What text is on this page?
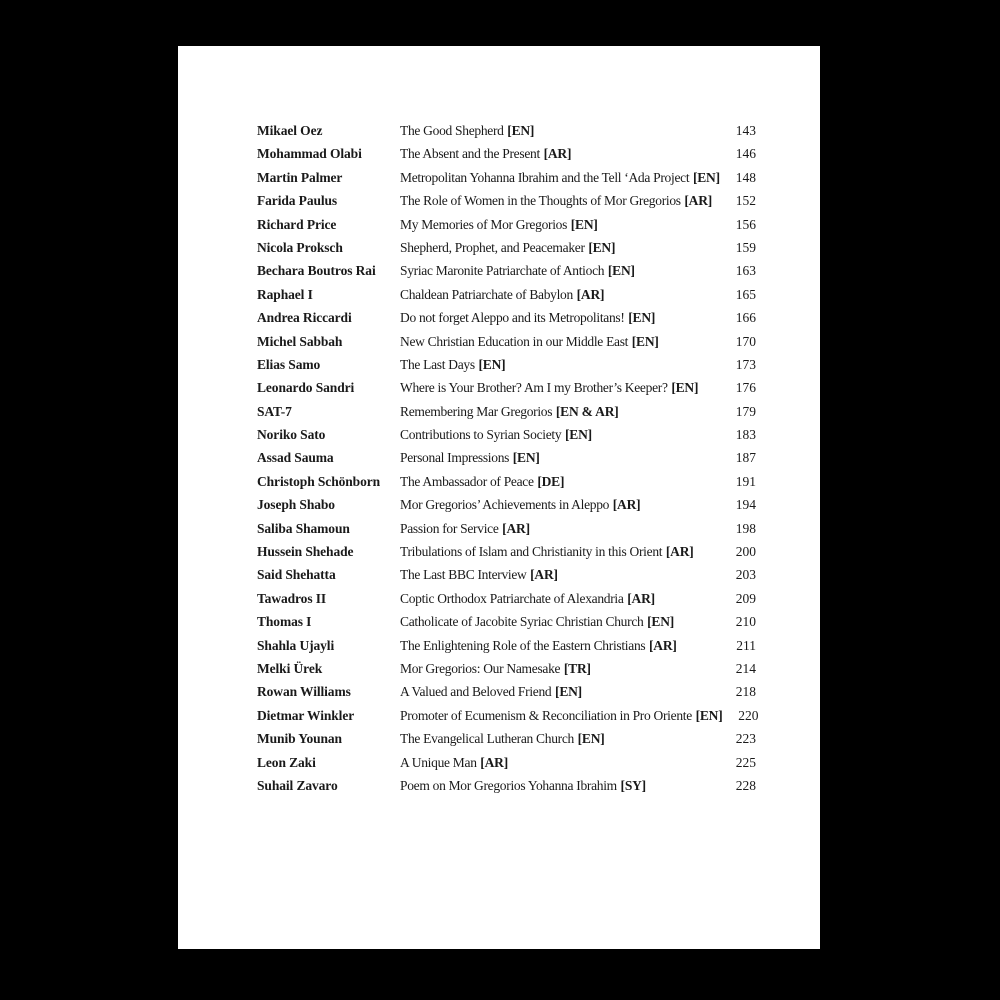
Mikael Oez	The Good Shepherd [EN]	143
Mohammad Olabi	The Absent and the Present [AR]	146
Martin Palmer	Metropolitan Yohanna Ibrahim and the Tell ‘Ada Project [EN]	148
Farida Paulus	The Role of Women in the Thoughts of Mor Gregorios [AR]	152
Richard Price	My Memories of Mor Gregorios [EN]	156
Nicola Proksch	Shepherd, Prophet, and Peacemaker [EN]	159
Bechara Boutros Rai	Syriac Maronite Patriarchate of Antioch [EN]	163
Raphael I	Chaldean Patriarchate of Babylon [AR]	165
Andrea Riccardi	Do not forget Aleppo and its Metropolitans! [EN]	166
Michel Sabbah	New Christian Education in our Middle East [EN]	170
Elias Samo	The Last Days [EN]	173
Leonardo Sandri	Where is Your Brother? Am I my Brother’s Keeper? [EN]	176
SAT-7	Remembering Mar Gregorios [EN & AR]	179
Noriko Sato	Contributions to Syrian Society [EN]	183
Assad Sauma	Personal Impressions [EN]	187
Christoph Schönborn	The Ambassador of Peace [DE]	191
Joseph Shabo	Mor Gregorios’ Achievements in Aleppo [AR]	194
Saliba Shamoun	Passion for Service [AR]	198
Hussein Shehade	Tribulations of Islam and Christianity in this Orient [AR]	200
Said Shehatta	The Last BBC Interview [AR]	203
Tawadros II	Coptic Orthodox Patriarchate of Alexandria [AR]	209
Thomas I	Catholicate of Jacobite Syriac Christian Church [EN]	210
Shahla Ujayli	The Enlightening Role of the Eastern Christians [AR]	211
Melki Ürek	Mor Gregorios: Our Namesake [TR]	214
Rowan Williams	A Valued and Beloved Friend [EN]	218
Dietmar Winkler	Promoter of Ecumenism & Reconciliation in Pro Oriente [EN]	220
Munib Younan	The Evangelical Lutheran Church [EN]	223
Leon Zaki	A Unique Man [AR]	225
Suhail Zavaro	Poem on Mor Gregorios Yohanna Ibrahim [SY]	228
